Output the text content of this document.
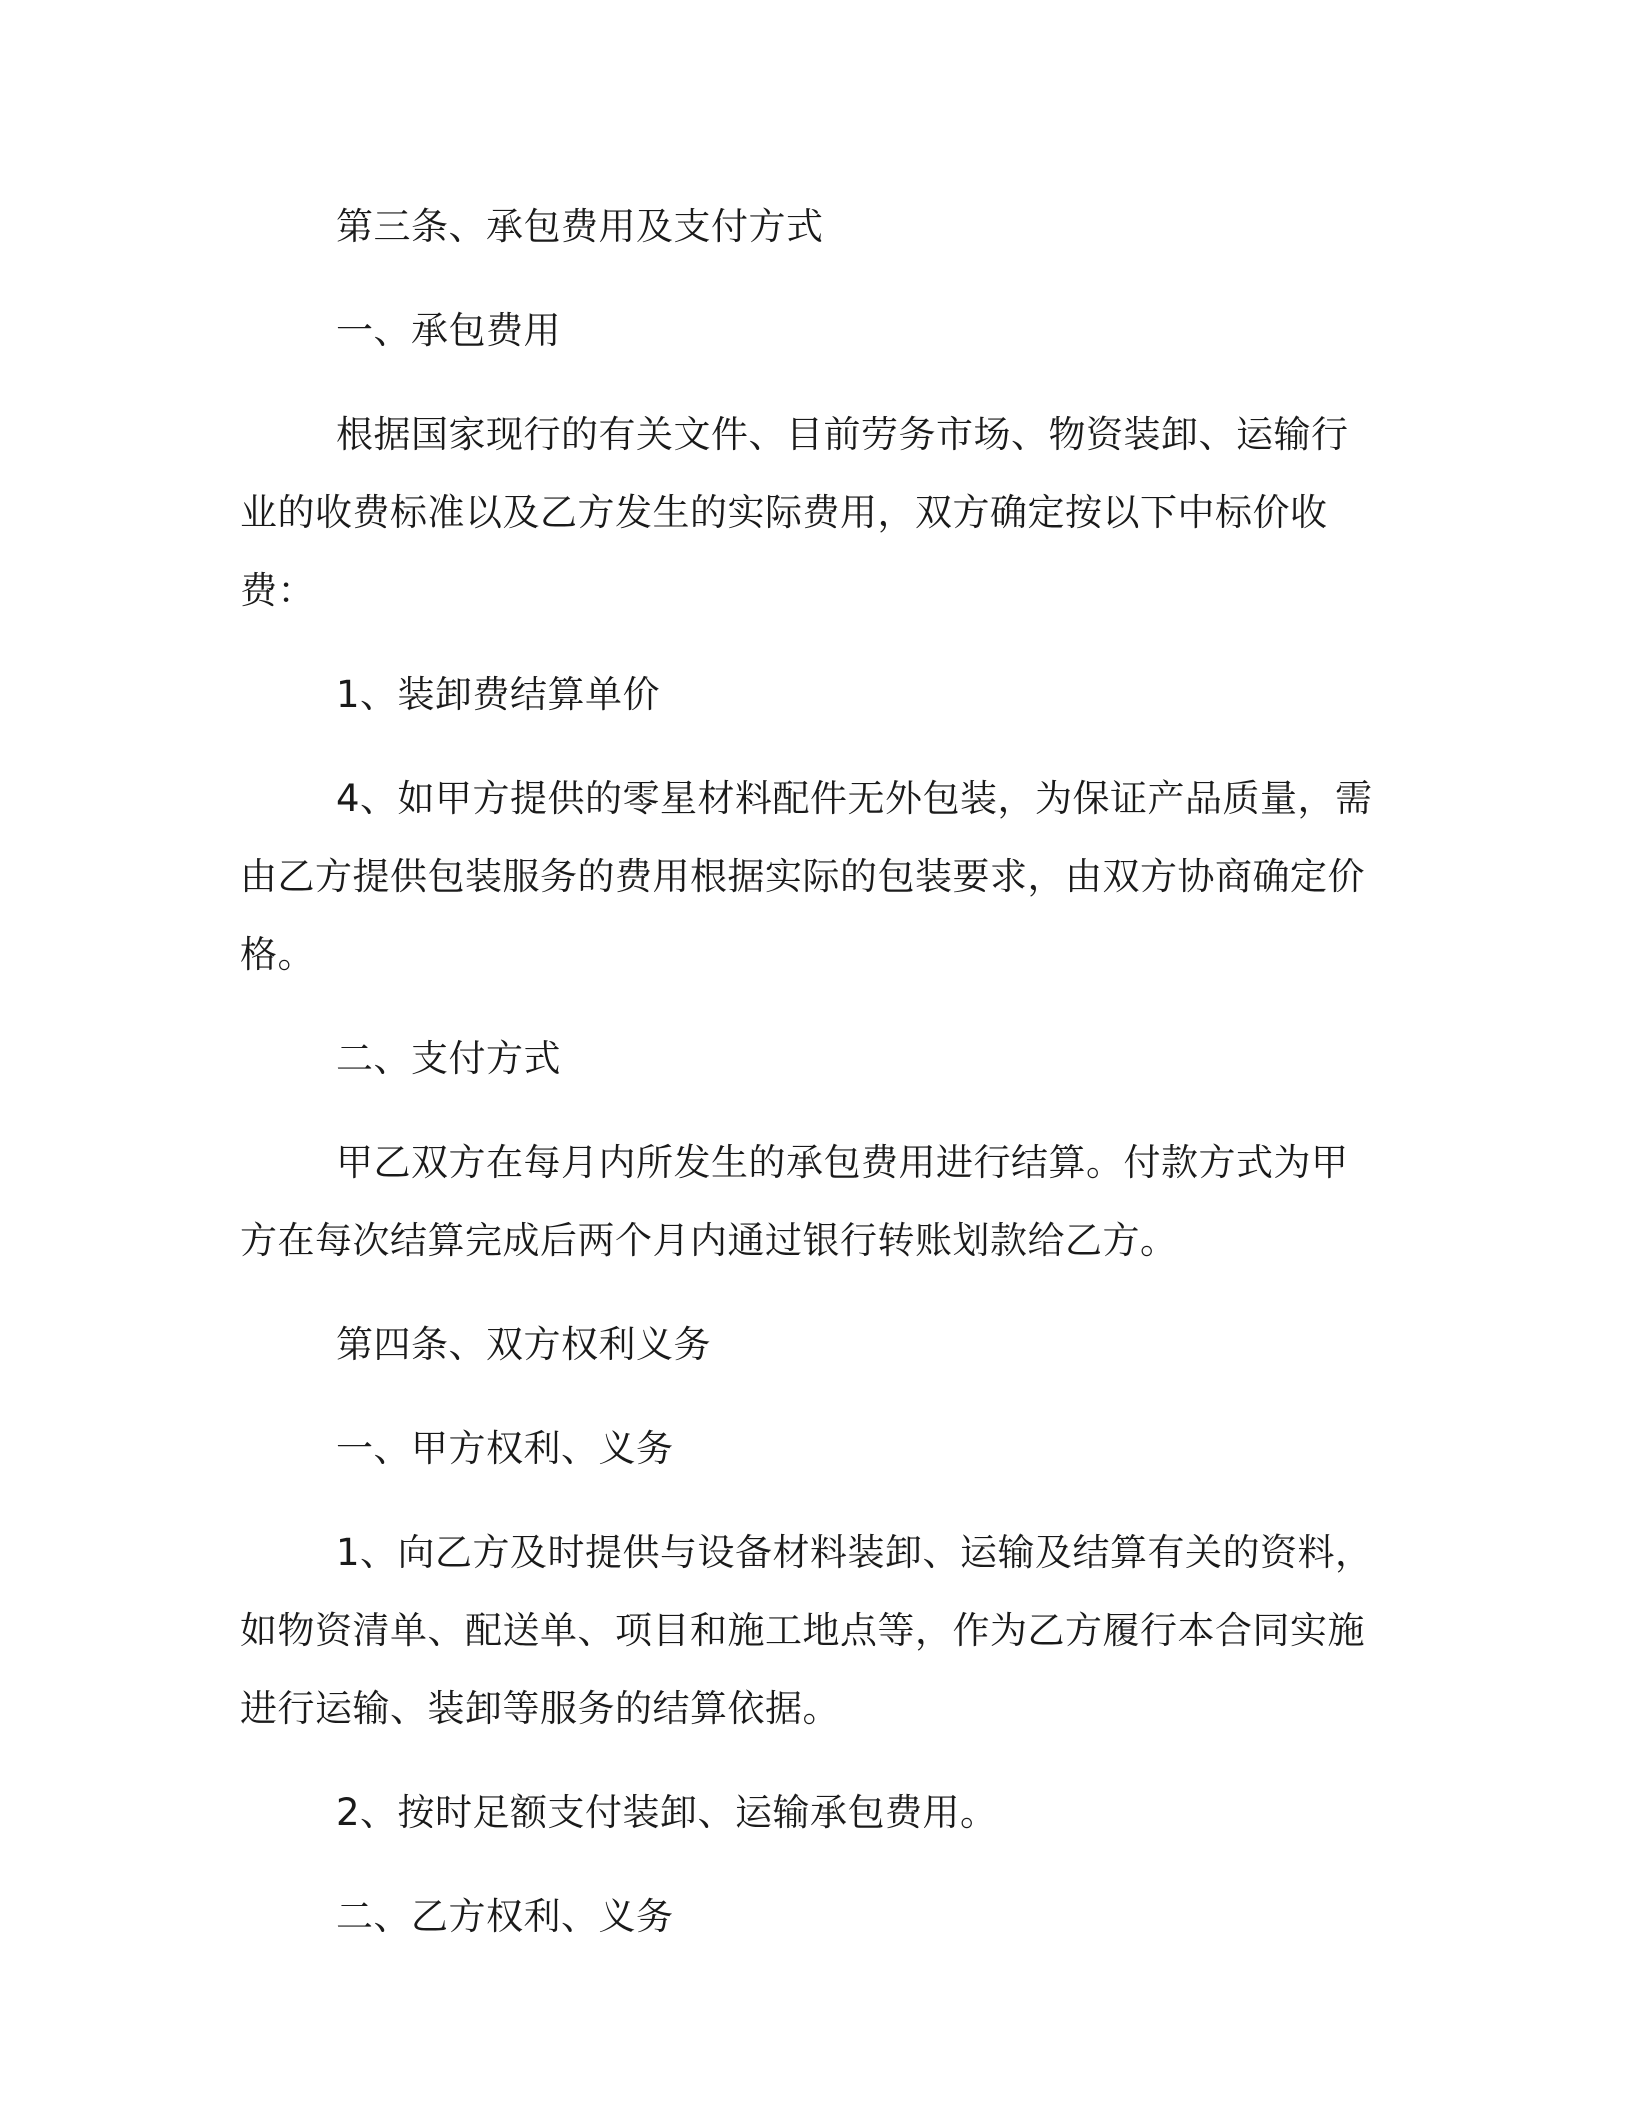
第三条、承包费用及支付方式

一、承包费用

根据国家现行的有关文件、目前劳务市场、物资装卸、运输行业的收费标准以及乙方发生的实际费用，双方确定按以下中标价收费：

1、装卸费结算单价

4、如甲方提供的零星材料配件无外包装，为保证产品质量，需由乙方提供包装服务的费用根据实际的包装要求，由双方协商确定价格。

二、支付方式

甲乙双方在每月内所发生的承包费用进行结算。付款方式为甲方在每次结算完成后两个月内通过银行转账划款给乙方。

第四条、双方权利义务

一、甲方权利、义务

1、向乙方及时提供与设备材料装卸、运输及结算有关的资料，如物资清单、配送单、项目和施工地点等，作为乙方履行本合同实施进行运输、装卸等服务的结算依据。

2、按时足额支付装卸、运输承包费用。

二、乙方权利、义务
